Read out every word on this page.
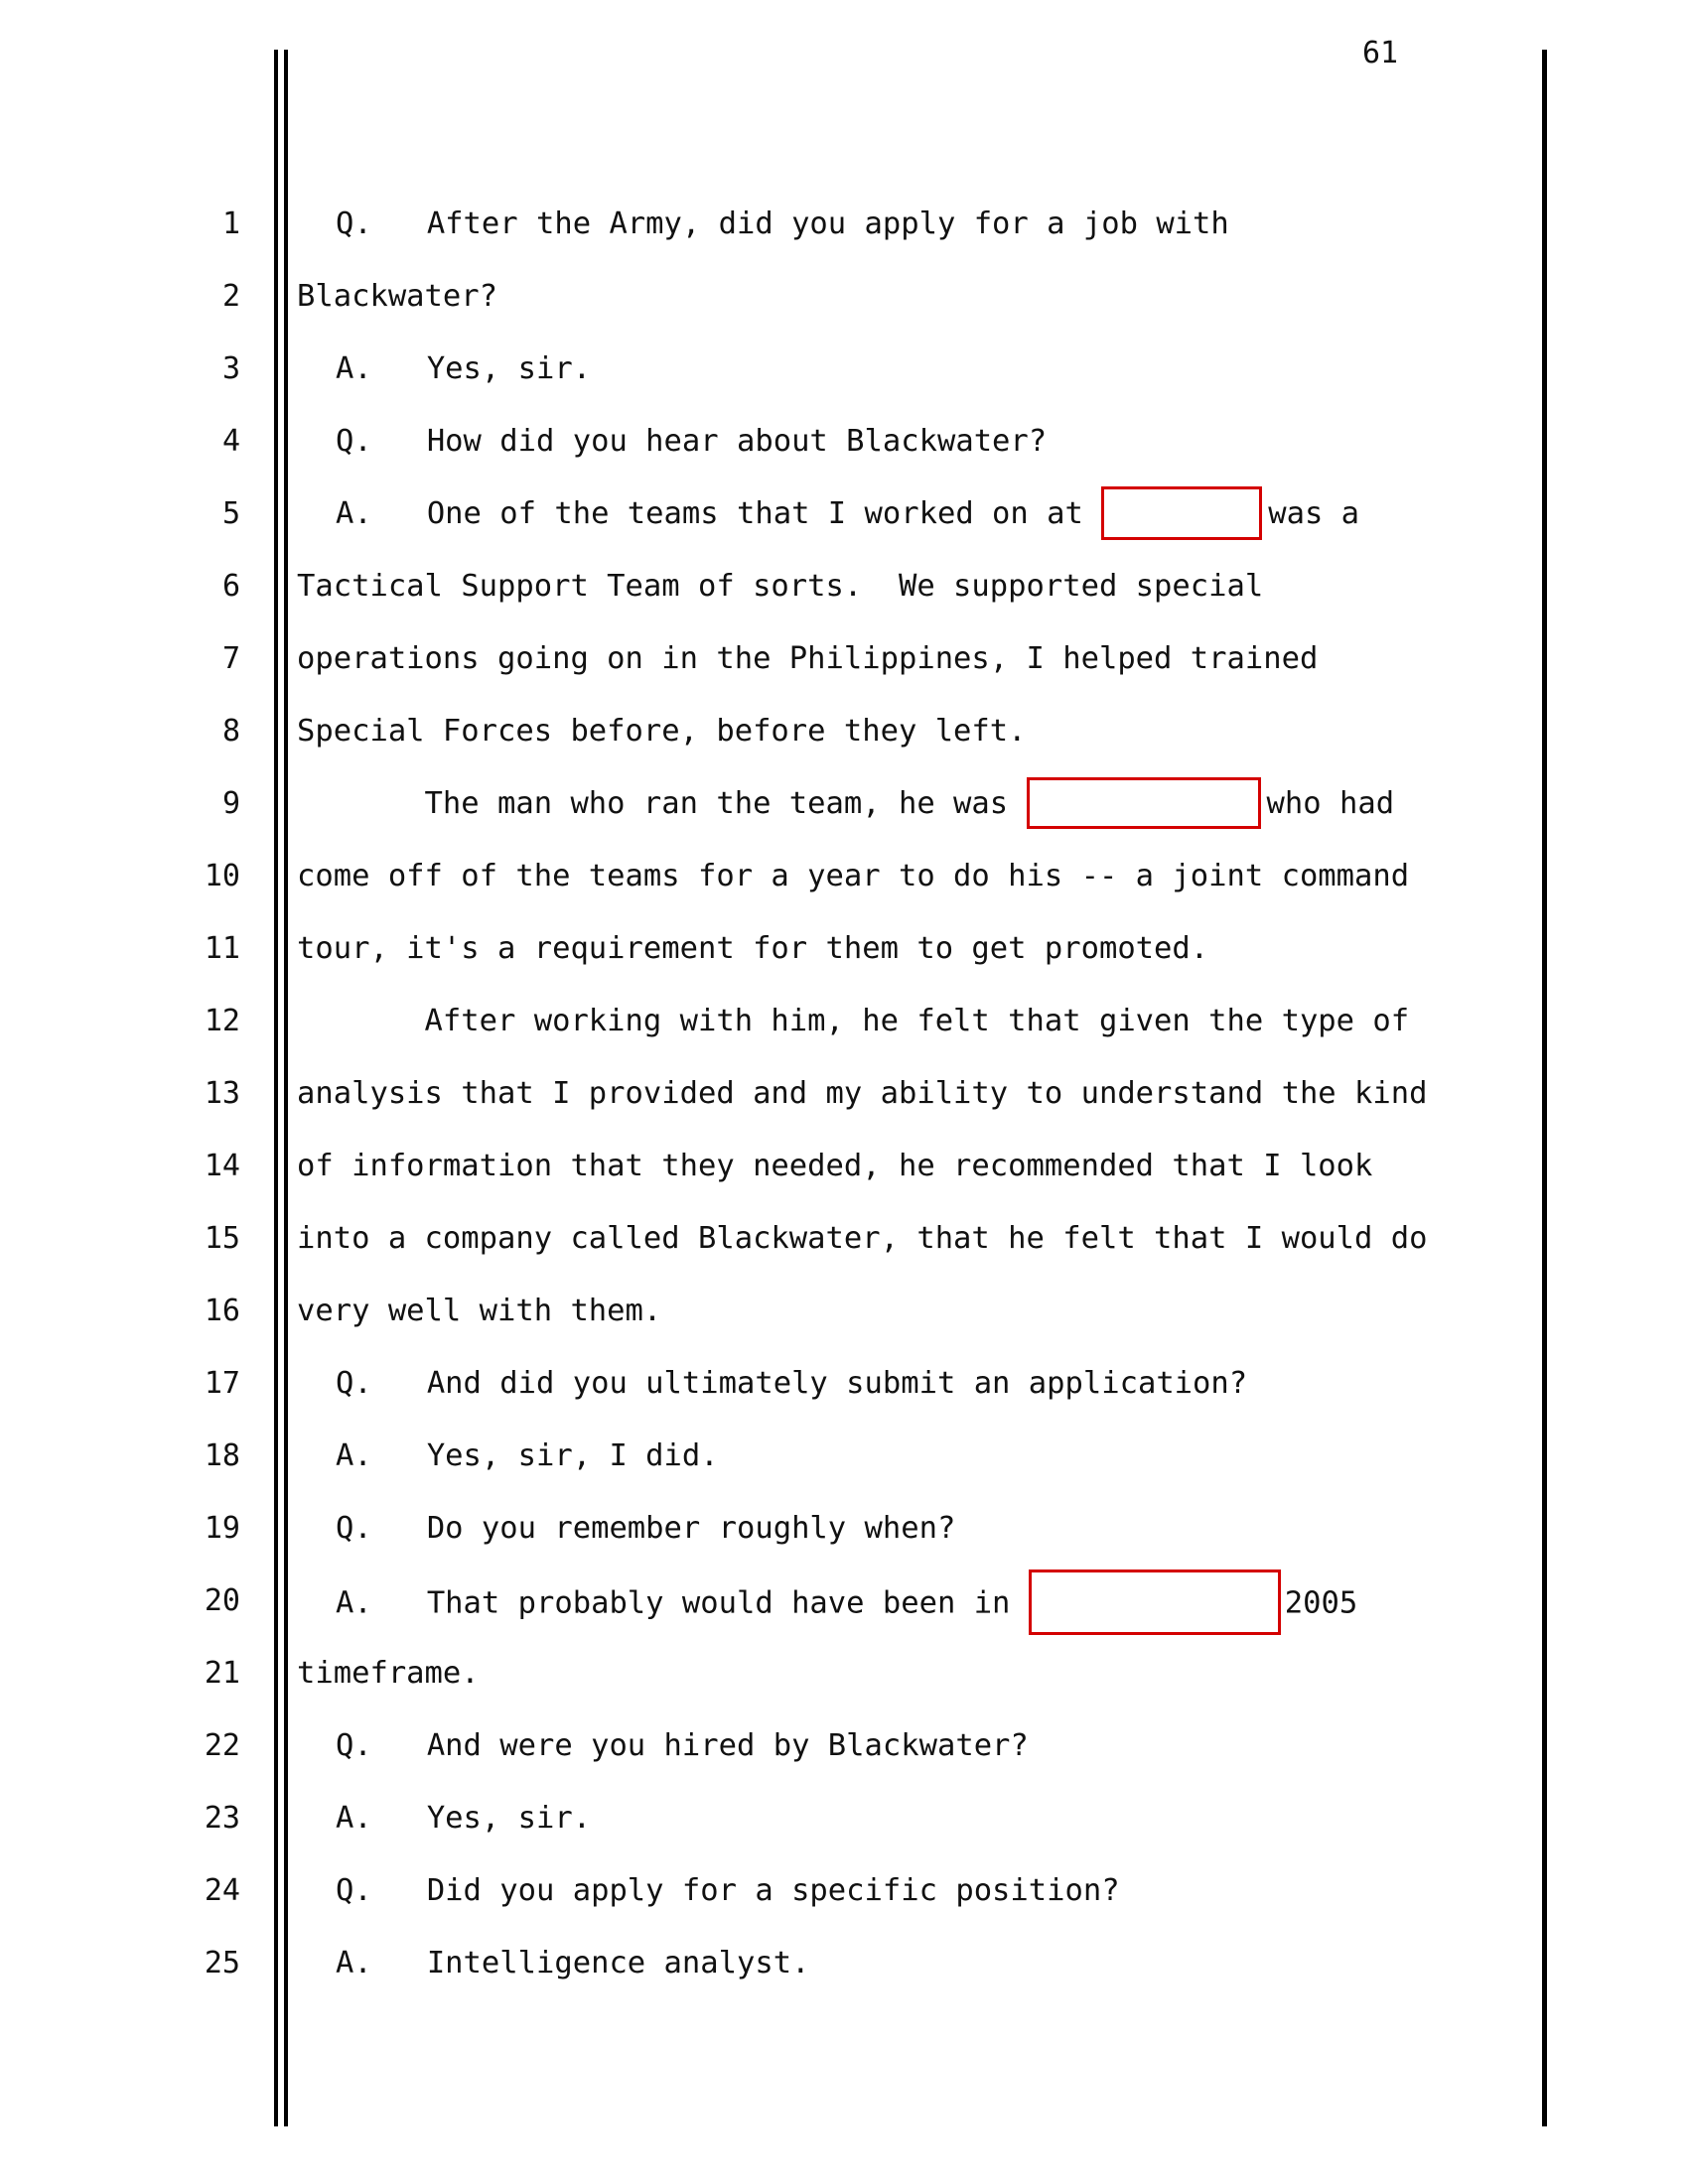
61
1	Q.   After the Army, did you apply for a job with
2 Blackwater?
3	A.   Yes, sir.
4	Q.   How did you hear about Blackwater?
5	A.   One of the teams that I worked on at	was a
6 Tactical Support Team of sorts.  We supported special
7 operations going on in the Philippines, I helped trained
8 Special Forces before, before they left.
9 The man who ran the team, he was	who had
10 come off of the teams for a year to do his -- a joint command
11 tour, it's a requirement for them to get promoted.
12 After working with him, he felt that given the type of
13 analysis that I provided and my ability to understand the kind
14 of information that they needed, he recommended that I look
15 into a company called Blackwater, that he felt that I would do
16 very well with them.
17	Q.   And did you ultimately submit an application?
18	A.   Yes, sir, I did.
19	Q.   Do you remember roughly when?
20	A.   That probably would have been in	2005
21 timeframe.
22	Q.   And were you hired by Blackwater?
23	A.   Yes, sir.
24	Q.   Did you apply for a specific position?
25	A.   Intelligence analyst.
